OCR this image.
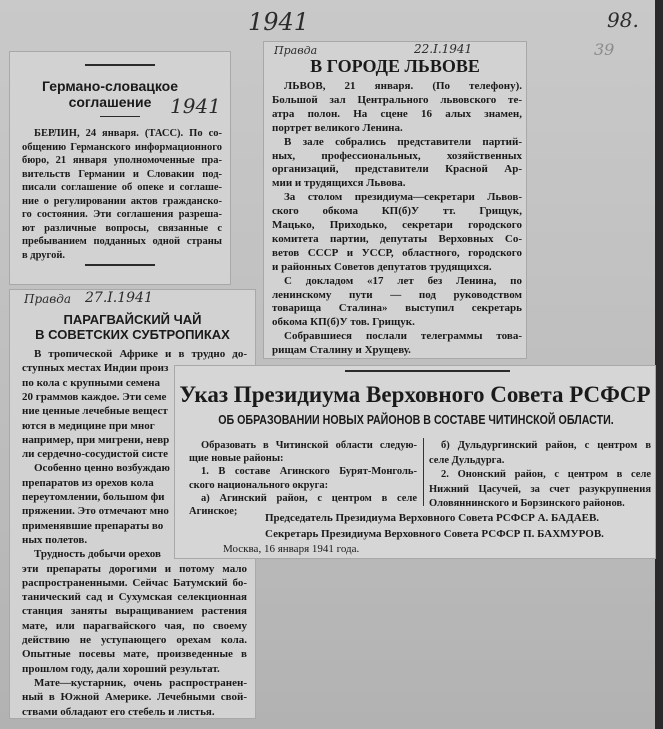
1941	98.
39
Германо-словацкое
соглашение 1941
БЕРЛИН, 24 января. (ТАСС). По со-
общению Германского информационного
бюро, 21 января уполномоченные пра-
вительств Германии и Словакии под-
писали соглашение об опеке и соглаше-
ние о регулировании актов гражданско-
го состояния. Эти соглашения разреша-
ют различные вопросы, связанные с
пребыванием подданных одной страны
в другой.
Правда	22.I.1941
В ГОРОДЕ ЛЬВОВЕ
ЛЬВОВ, 21 января. (По телефону).
Большой зал Центрального львовского те-
атра полон. На сцене 16 алых знамен,
портрет великого Ленина.
В зале собрались представители партий-
ных, профессиональных, хозяйственных
организаций, представители Красной Ар-
мии и трудящихся Львова.
За столом президиума—секретари Львов-
ского обкома КП(б)У тт. Грищук,
Мацько, Приходько, секретари городского
комитета партии, депутаты Верховных Со-
ветов СССР и УССР, областного, городского
и районных Советов депутатов трудящихся.
С докладом «17 лет без Ленина, по
ленинскому пути — под руководством
товарища Сталина» выступил секретарь
обкома КП(б)У тов. Грищук.
Собравшиеся послали телеграммы това-
рищам Сталину и Хрущеву.
Правда 27.I.1941
ПАРАГВАЙСКИЙ ЧАЙ
В СОВЕТСКИХ СУБТРОПИКАХ
В тропической Африке и в трудно до-
ступных местах Индии произ
по кола с крупными семена
20 граммов каждое. Эти семе
ние ценные лечебные вещест
ются в медицине при мног
например, при мигрени, невр
ли сердечно-сосудистой систе
Особенно ценно возбуждаю
препаратов из орехов кола
переутомлении, большом фи
пряжении. Это отмечают мно
применявшие препараты во
ных полетов.
Трудность добычи орехов
эти препараты дорогими и потому мало
распространенными. Сейчас Батумский бо-
танический сад и Сухумская селекционная
станция заняты выращиванием растения
мате, или парагвайского чая, по своему
действию не уступающего орехам кола.
Опытные посевы мате, произведенные в
прошлом году, дали хороший результат.
Мате—кустарник, очень распространен-
ный в Южной Америке. Лечебными свой-
ствами обладают его стебель и листья.
Указ Президиума Верховного Совета РСФСР
ОБ ОБРАЗОВАНИИ НОВЫХ РАЙОНОВ В СОСТАВЕ ЧИТИНСКОЙ ОБЛАСТИ.
Образовать в Читинской области следую-
щие новые районы:
1. В составе Агинского Бурят-Монголь-
ского национального округа:
а) Агинский район, с центром в селе
Агинское;
б) Дульдургинский район, с центром в
селе Дульдурга.
2. Ононский район, с центром в селе
Нижний Цасучей, за счет разукрупнения
Оловяннинского и Борзинского районов.
Председатель Президиума Верховного Совета РСФСР А. БАДАЕВ.
Секретарь Президиума Верховного Совета РСФСР П. БАХМУРОВ.
Москва, 16 января 1941 года.
